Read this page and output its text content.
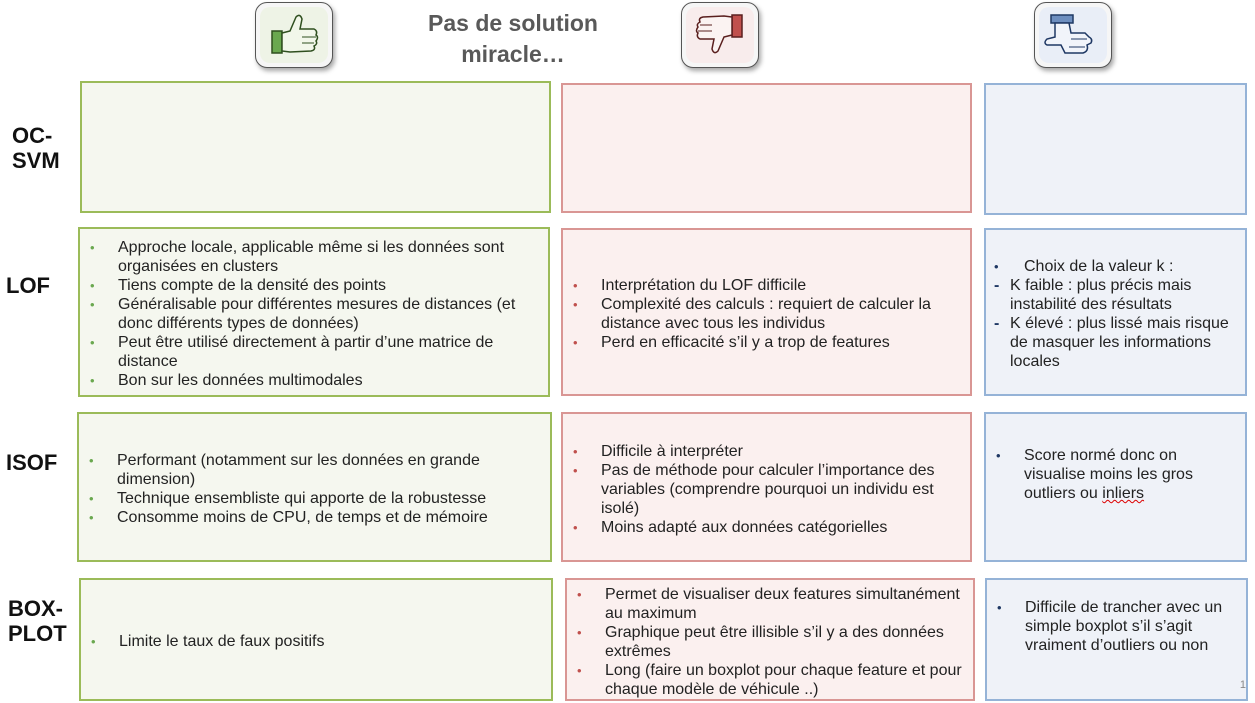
Pas de solution
miracle…
OC-
SVM
LOF
• Approche locale, applicable même si les données sont organisées en clusters
• Tiens compte de la densité des points
• Généralisable pour différentes mesures de distances (et donc différents types de données)
• Peut être utilisé directement à partir d’une matrice de distance
• Bon sur les données multimodales
• Interprétation du LOF difficile
• Complexité des calculs : requiert de calculer la distance avec tous les individus
• Perd en efficacité s’il y a trop de features
• Choix de la valeur k :
- K faible : plus précis mais instabilité des résultats
- K élevé : plus lissé mais risque de masquer les informations locales
ISOF	• Performant (notamment sur les données en grande dimension)
• Technique ensembliste qui apporte de la robustesse
• Consomme moins de CPU, de temps et de mémoire
• Difficile à interpréter
• Pas de méthode pour calculer l’importance des variables (comprendre pourquoi un individu est isolé)
• Moins adapté aux données catégorielles
• Score normé donc on visualise moins les gros outliers ou inliers
BOX-
PLOT	• Limite le taux de faux positifs
• Permet de visualiser deux features simultanément au maximum
• Graphique peut être illisible s’il y a des données extrêmes
• Long (faire un boxplot pour chaque feature et pour chaque modèle de véhicule ..)
• Difficile de trancher avec un simple boxplot s’il s’agit vraiment d’outliers ou non
1
